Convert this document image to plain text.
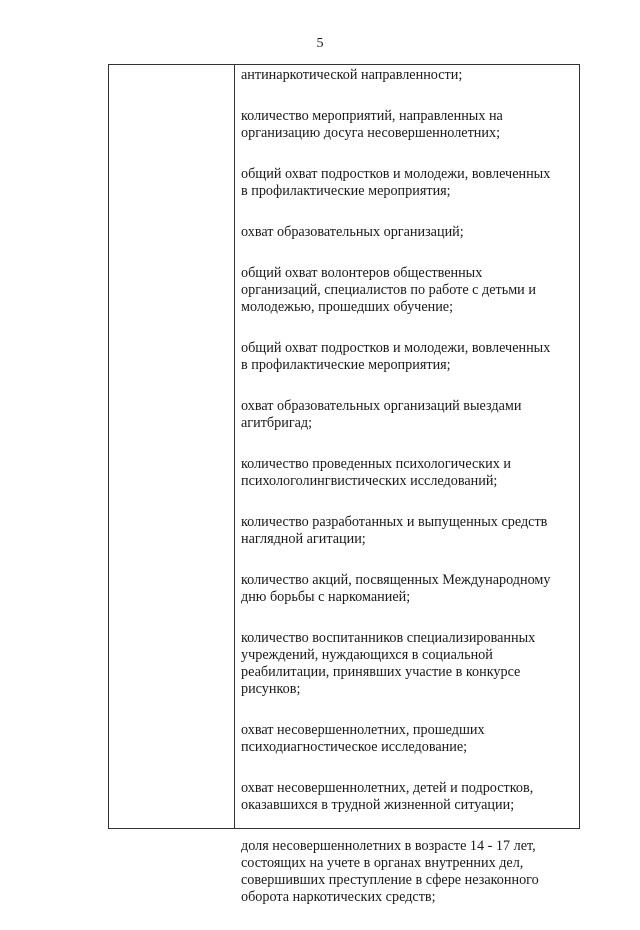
5
антинаркотической направленности;
количество мероприятий, направленных на
организацию досуга несовершеннолетних;
общий охват подростков и молодежи, вовлеченных
в профилактические мероприятия;
охват образовательных организаций;
общий охват волонтеров общественных
организаций, специалистов по работе с детьми и
молодежью, прошедших обучение;
общий охват подростков и молодежи, вовлеченных
в профилактические мероприятия;
охват образовательных организаций выездами
агитбригад;
количество проведенных психологических и
психологолингвистических исследований;
количество разработанных и выпущенных средств
наглядной агитации;
количество акций, посвященных Международному
дню борьбы с наркоманией;
количество воспитанников специализированных
учреждений, нуждающихся в социальной
реабилитации, принявших участие в конкурсе
рисунков;
охват несовершеннолетних, прошедших
психодиагностическое исследование;
охват несовершеннолетних, детей и подростков,
оказавшихся в трудной жизненной ситуации;
доля несовершеннолетних в возрасте 14 - 17 лет,
состоящих на учете в органах внутренних дел,
совершивших преступление в сфере незаконного
оборота наркотических средств;
